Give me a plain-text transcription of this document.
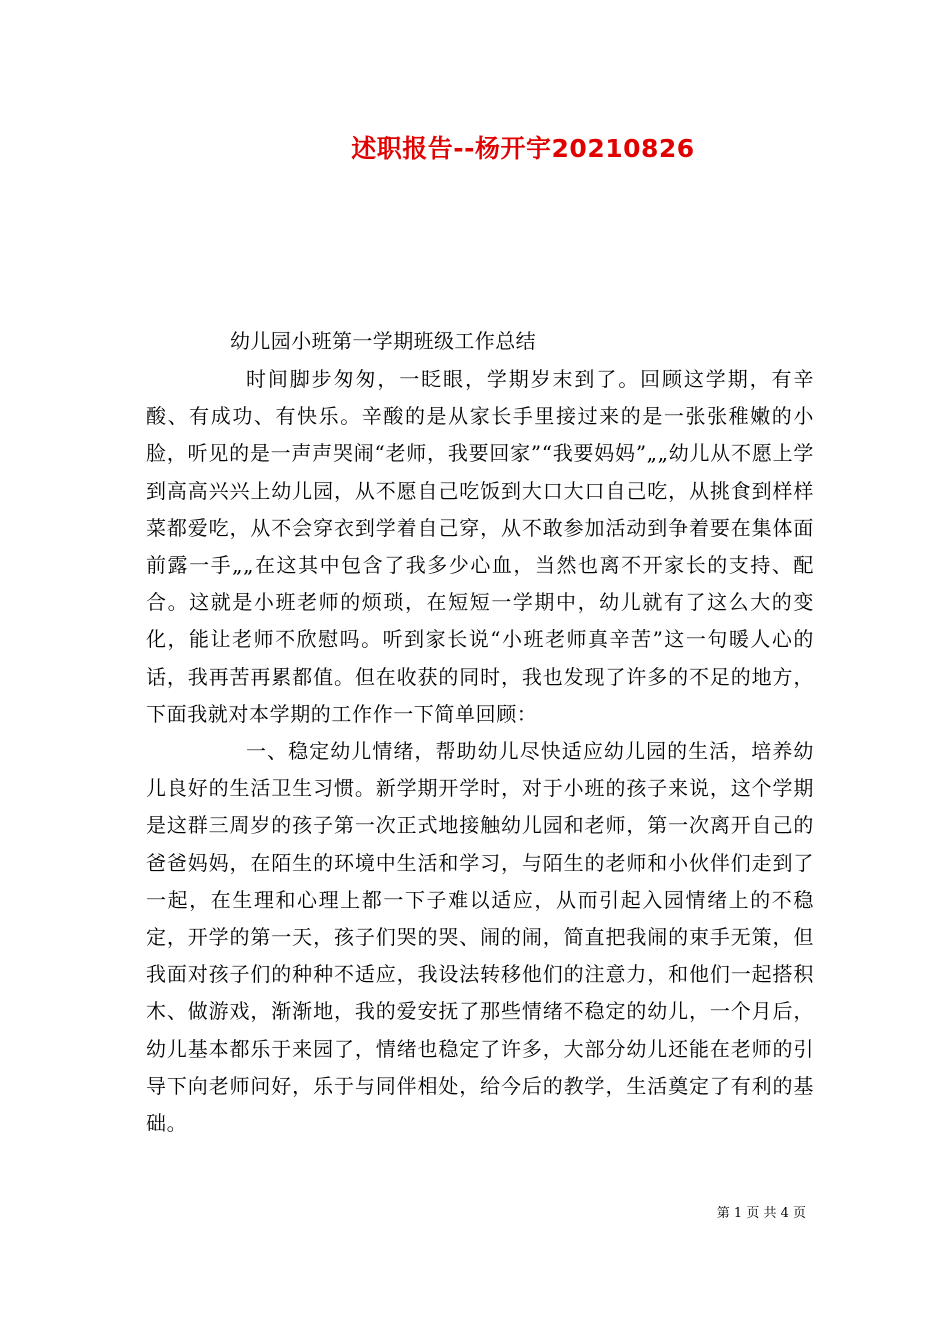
述职报告--杨开宇20210826
幼儿园小班第一学期班级工作总结

时间脚步匆匆，一眨眼，学期岁末到了。回顾这学期，有辛酸、有成功、有快乐。辛酸的是从家长手里接过来的是一张张稚嫩的小脸，听见的是一声声哭闹“老师，我要回家”“我要妈妈”„„幼儿从不愿上学到高高兴兴上幼儿园，从不愿自己吃饭到大口大口自己吃，从挑食到样样菜都爱吃，从不会穿衣到学着自己穿，从不敢参加活动到争着要在集体面前露一手„„在这其中包含了我多少心血，当然也离不开家长的支持、配合。这就是小班老师的烦琐，在短短一学期中，幼儿就有了这么大的变化，能让老师不欣慰吗。听到家长说“小班老师真辛苦”这一句暖人心的话，我再苦再累都值。但在收获的同时，我也发现了许多的不足的地方，下面我就对本学期的工作作一下简单回顾：

一、稳定幼儿情绪，帮助幼儿尽快适应幼儿园的生活，培养幼儿良好的生活卫生习惯。新学期开学时，对于小班的孩子来说，这个学期是这群三周岁的孩子第一次正式地接触幼儿园和老师，第一次离开自己的爸爸妈妈，在陌生的环境中生活和学习，与陌生的老师和小伙伴们走到了一起，在生理和心理上都一下子难以适应，从而引起入园情绪上的不稳定，开学的第一天，孩子们哭的哭、闹的闹，简直把我闹的束手无策，但我面对孩子们的种种不适应，我设法转移他们的注意力，和他们一起搭积木、做游戏，渐渐地，我的爱安抚了那些情绪不稳定的幼儿，一个月后，幼儿基本都乐于来园了，情绪也稳定了许多，大部分幼儿还能在老师的引导下向老师问好，乐于与同伴相处，给今后的教学，生活奠定了有利的基础。

第 1 页 共 4 页
